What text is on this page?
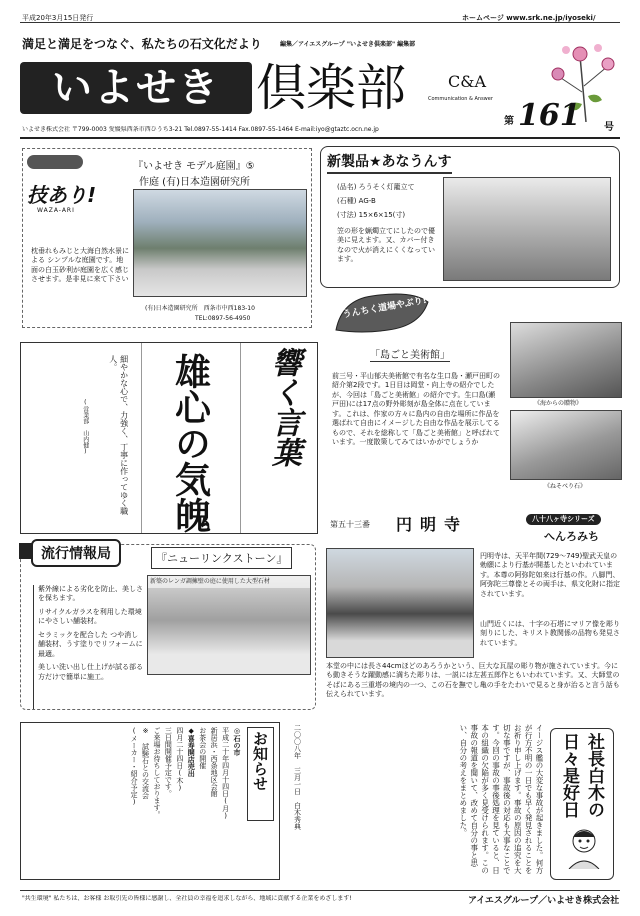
平成20年3月15日発行	ホームページ www.srk.ne.jp/iyoseki/
満足と満足をつなぐ、私たちの石文化だより	編集／アイエスグループ "いよせき倶楽部" 編集部
いよせき 倶楽部	C&A
Communication & Answer
第 161 号
いよせき株式会社 〒799-0003 愛媛県西条市西ひうち3-21 Tel.0897-55-1414 Fax.0897-55-1464 E-mail:iyo@gtaztc.ocn.ne.jp
技あり!
WAZA-ARI
『いよせき モデル庭園』⑤
作庭 (有)日本造園研究所
枕垂れもみじと大海白然水景による シンプルな庭園です。地面の白玉砂利が庭園を広く感じさせます。是非見に来て下さい
(有)日本造園研究所　西条市中西183-10
TEL:0897-56-4950
新製品★あなうんす
(品名) ろうそく灯籠立て
(石種) AG-B
(寸法) 15×6×15(寸)
笠の形を蝋燭立てにしたので優美に見えます。又、カバー付きなので火が消えにくくなっています。
うんちく道場やぶり!
「島ごと美術館」
前三号・平山郁夫美術館で有名な生口島・瀬戸田町の紹介第2段です。1日目は岡堂・向上寺の紹介でしたが、今回は「島ごと美術館」の紹介です。生口島(瀬戸田)には17点の野外彫刻が島全体に点在しています。これは、作家の方々に島内の自由な場所に作品を選ばれて自由にイメージした自由な作品を展示してるもので、それを総称して「島ごと美術館」と呼ばれています。一度散策してみてはいかがでしょうか
《海からの贈物》
《ねそべり石》
細やかな心で、力強く、丁寧に作ってゆく職人。
(営業部　山内健) 雄心の気魄 響く言葉
流行情報局	『ニューリンクストーン』
新築のレンガ調擁壁の庭に使用した大型石材
紫外線による劣化を防止、美しさを保ちます。
リサイクルガラスを利用した環境にやさしい舗装材。
セラミックを配合した つや消し舗装材、うす塗りでリフォームに最適。
美しい洗い出し仕上げが試る部る方だけで簡単に施工。
第五十三番 円明寺	八十八ヶ寺シリーズ
へんろみち
円明寺は、天平年間(729〜749)聖武天皇の勅願により行基が開基したといわれています。本尊の阿弥陀如来は行基の作。八脚門、阿弥陀三尊像とその両手は、県文化財に指定されています。
山門近くには、十字の石塔にマリア像を彫り刻りにした、キリスト教関係の品物も発見されています。
本堂の中には長さ44cmほどのあろうかという、巨大な瓦屋の彫り物が施されています。今にも動きそうな躍動感に満ちた彫りは、一説には左甚五郎作ともいわれています。又、大師堂のそばにある三重塔の境内の一つ、この石を撫でし亀の手をたわいで見ると身が治ると言う話も伝えられています。
お知らせ
◎石の市
平成二十年四月十四日(月)
新居浜・西条地区会館
お茶会の開催
◆喜寿開店売出
四月二十四日(木)
三日間開催予定です。
ご来場お待ちしております。
※ 試験石との交流会
(メーカー・紹介予定)	二〇〇八年 三月一日　白木秀典	イージス艦の大変な事故が起きました。何方が行方不明の一日でも早く発見されることをお祈り申し上げます。事故の原因の追究を大切な事ですが、事故後の対応も大事なことです。今回の事故の事後処理を見ていると、日本の組織の欠陥が多く見受けられます。この事故の報道を聞いて、改めて自分の事と思い、自分の考えをまとめました。	社長白木の日々是好日
"共生環境" 私たちは、お客様 お取引先の皆様に感謝し、全社員の幸福を追求しながら、地域に貢献する企業をめざします!	アイエスグループ／いよせき株式会社
